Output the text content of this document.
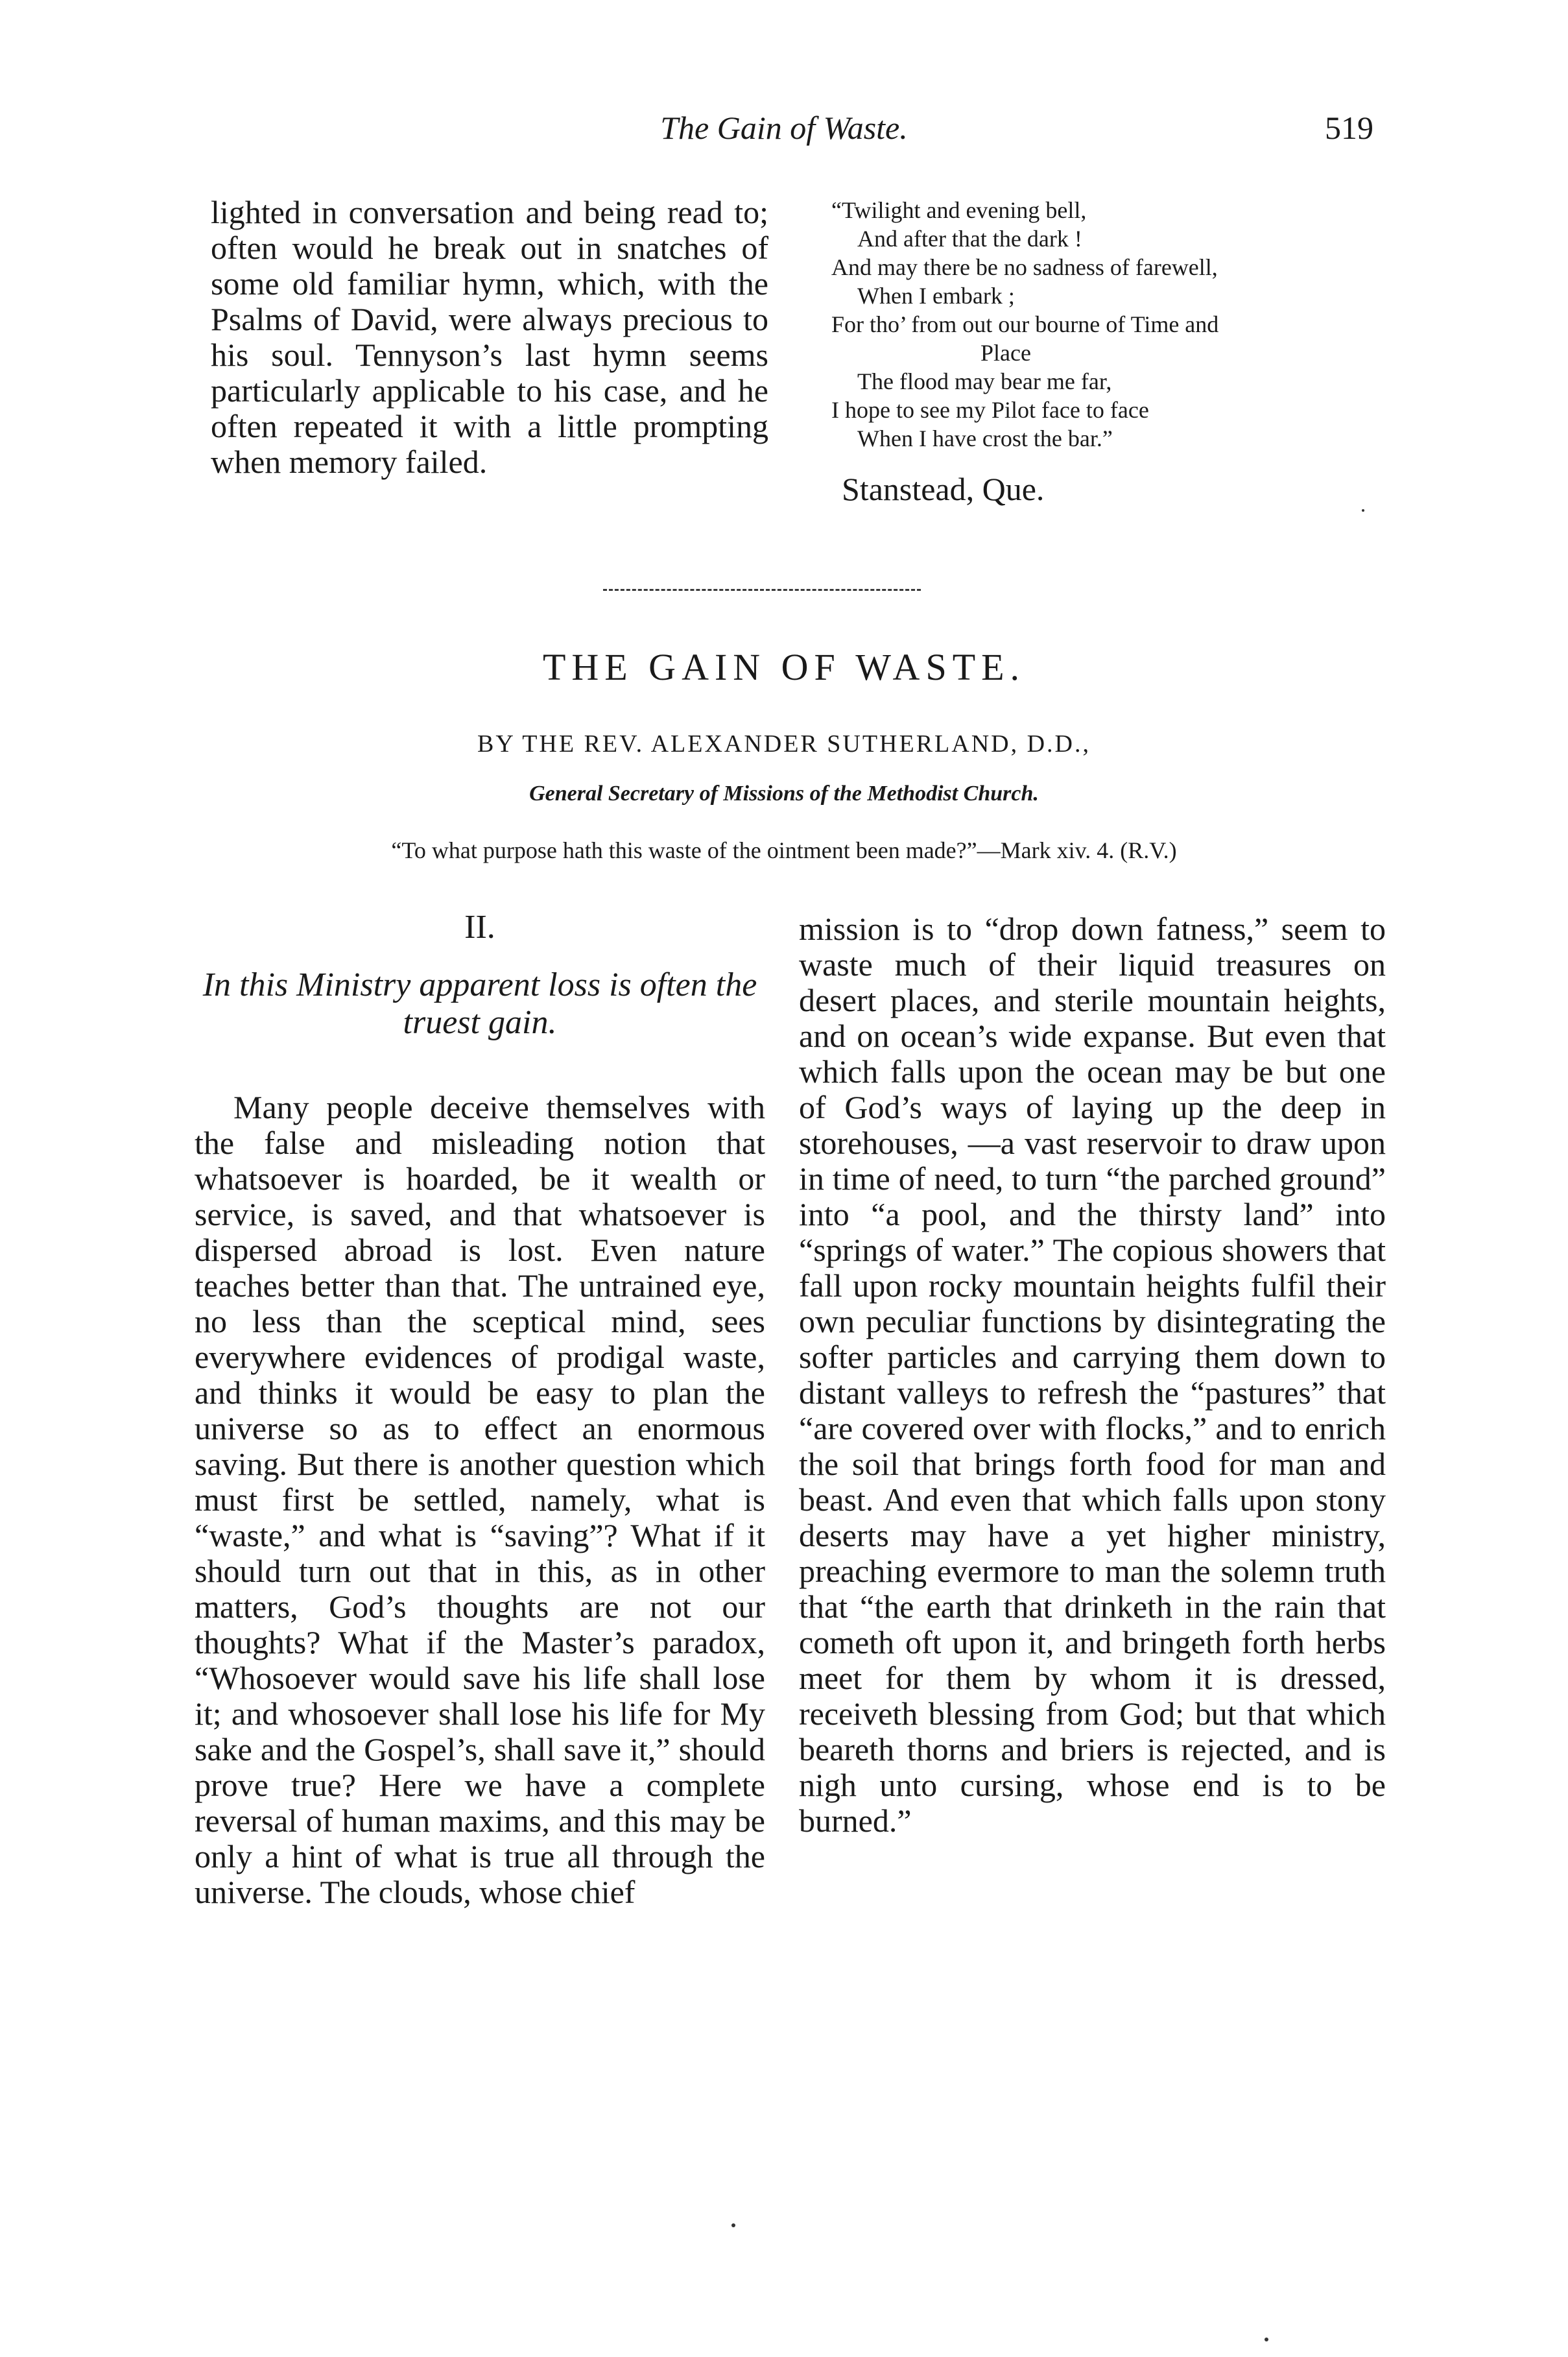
The Gain of Waste.	519

lighted in conversation and being read to; often would he break out in snatches of some old familiar hymn, which, with the Psalms of David, were always precious to his soul. Tennyson’s last hymn seems particularly applicable to his case, and he often repeated it with a little prompting when memory failed.

“Twilight and evening bell,
And after that the dark !
And may there be no sadness of farewell,
When I embark ;
For tho’ from out our bourne of Time and
Place
The flood may bear me far,
I hope to see my Pilot face to face
When I have crost the bar.”
Stanstead, Que.
THE GAIN OF WASTE.
BY THE REV. ALEXANDER SUTHERLAND, D.D.,
General Secretary of Missions of the Methodist Church.
“To what purpose hath this waste of the ointment been made?”—Mark xiv. 4. (R.V.)
II.
In this Ministry apparent loss is often the truest gain.

Many people deceive themselves with the false and misleading notion that whatsoever is hoarded, be it wealth or service, is saved, and that whatsoever is dispersed abroad is lost. Even nature teaches better than that. The untrained eye, no less than the sceptical mind, sees everywhere evidences of prodigal waste, and thinks it would be easy to plan the universe so as to effect an enormous saving. But there is another question which must first be settled, namely, what is “waste,” and what is “saving”? What if it should turn out that in this, as in other matters, God’s thoughts are not our thoughts? What if the Master’s paradox, “Whosoever would save his life shall lose it; and whosoever shall lose his life for My sake and the Gospel’s, shall save it,” should prove true? Here we have a complete reversal of human maxims, and this may be only a hint of what is true all through the universe. The clouds, whose chief

mission is to “drop down fatness,” seem to waste much of their liquid treasures on desert places, and sterile mountain heights, and on ocean’s wide expanse. But even that which falls upon the ocean may be but one of God’s ways of laying up the deep in storehouses, —a vast reservoir to draw upon in time of need, to turn “the parched ground” into “a pool, and the thirsty land” into “springs of water.” The copious showers that fall upon rocky mountain heights fulfil their own peculiar functions by disintegrating the softer particles and carrying them down to distant valleys to refresh the “pastures” that “are covered over with flocks,” and to enrich the soil that brings forth food for man and beast. And even that which falls upon stony deserts may have a yet higher ministry, preaching evermore to man the solemn truth that “the earth that drinketh in the rain that cometh oft upon it, and bringeth forth herbs meet for them by whom it is dressed, receiveth blessing from God; but that which beareth thorns and briers is rejected, and is nigh unto cursing, whose end is to be burned.”
